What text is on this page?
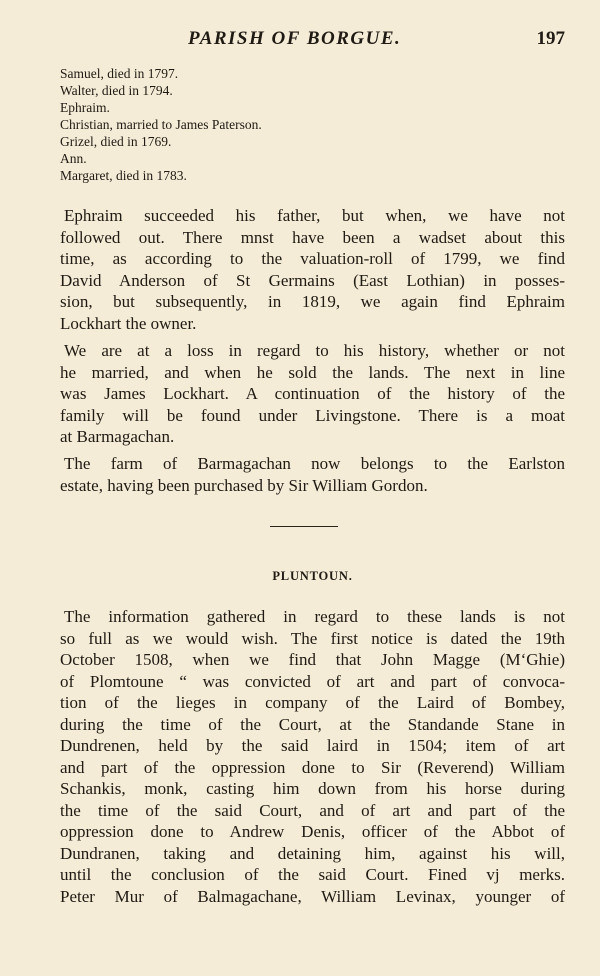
PARISH OF BORGUE.	197
Samuel, died in 1797.
Walter, died in 1794.
Ephraim.
Christian, married to James Paterson.
Grizel, died in 1769.
Ann.
Margaret, died in 1783.

Ephraim succeeded his father, but when, we have not
followed out. There mnst have been a wadset about this
time, as according to the valuation-roll of 1799, we find
David Anderson of St Germains (East Lothian) in posses-
sion, but subsequently, in 1819, we again find Ephraim
Lockhart the owner.

We are at a loss in regard to his history, whether or not
he married, and when he sold the lands. The next in line
was James Lockhart. A continuation of the history of the
family will be found under Livingstone. There is a moat
at Barmagachan.

The farm of Barmagachan now belongs to the Earlston
estate, having been purchased by Sir William Gordon.

PLUNTOUN.

The information gathered in regard to these lands is not
so full as we would wish. The first notice is dated the 19th
October 1508, when we find that John Magge (M‘Ghie)
of Plomtoune “ was convicted of art and part of convoca-
tion of the lieges in company of the Laird of Bombey,
during the time of the Court, at the Standande Stane in
Dundrenen, held by the said laird in 1504; item of art
and part of the oppression done to Sir (Reverend) William
Schankis, monk, casting him down from his horse during
the time of the said Court, and of art and part of the
oppression done to Andrew Denis, officer of the Abbot of
Dundranen, taking and detaining him, against his will,
until the conclusion of the said Court. Fined vj merks.
Peter Mur of Balmagachane, William Levinax, younger of
